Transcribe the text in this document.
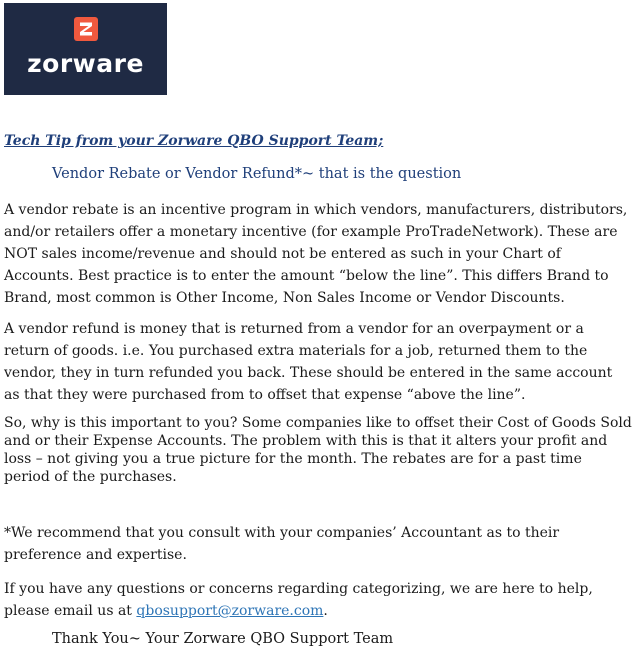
zorware

Tech Tip from your Zorware QBO Support Team;

Vendor Rebate or Vendor Refund*~ that is the question

A vendor rebate is an incentive program in which vendors, manufacturers, distributors, and/or retailers offer a monetary incentive (for example ProTradeNetwork). These are NOT sales income/revenue and should not be entered as such in your Chart of Accounts. Best practice is to enter the amount “below the line”. This differs Brand to Brand, most common is Other Income, Non Sales Income or Vendor Discounts.

A vendor refund is money that is returned from a vendor for an overpayment or a return of goods. i.e. You purchased extra materials for a job, returned them to the vendor, they in turn refunded you back. These should be entered in the same account as that they were purchased from to offset that expense “above the line”.

So, why is this important to you? Some companies like to offset their Cost of Goods Sold and or their Expense Accounts. The problem with this is that it alters your profit and loss – not giving you a true picture for the month. The rebates are for a past time period of the purchases.

*We recommend that you consult with your companies’ Accountant as to their preference and expertise.

If you have any questions or concerns regarding categorizing, we are here to help, please email us at qbosupport@zorware.com.

Thank You~ Your Zorware QBO Support Team
